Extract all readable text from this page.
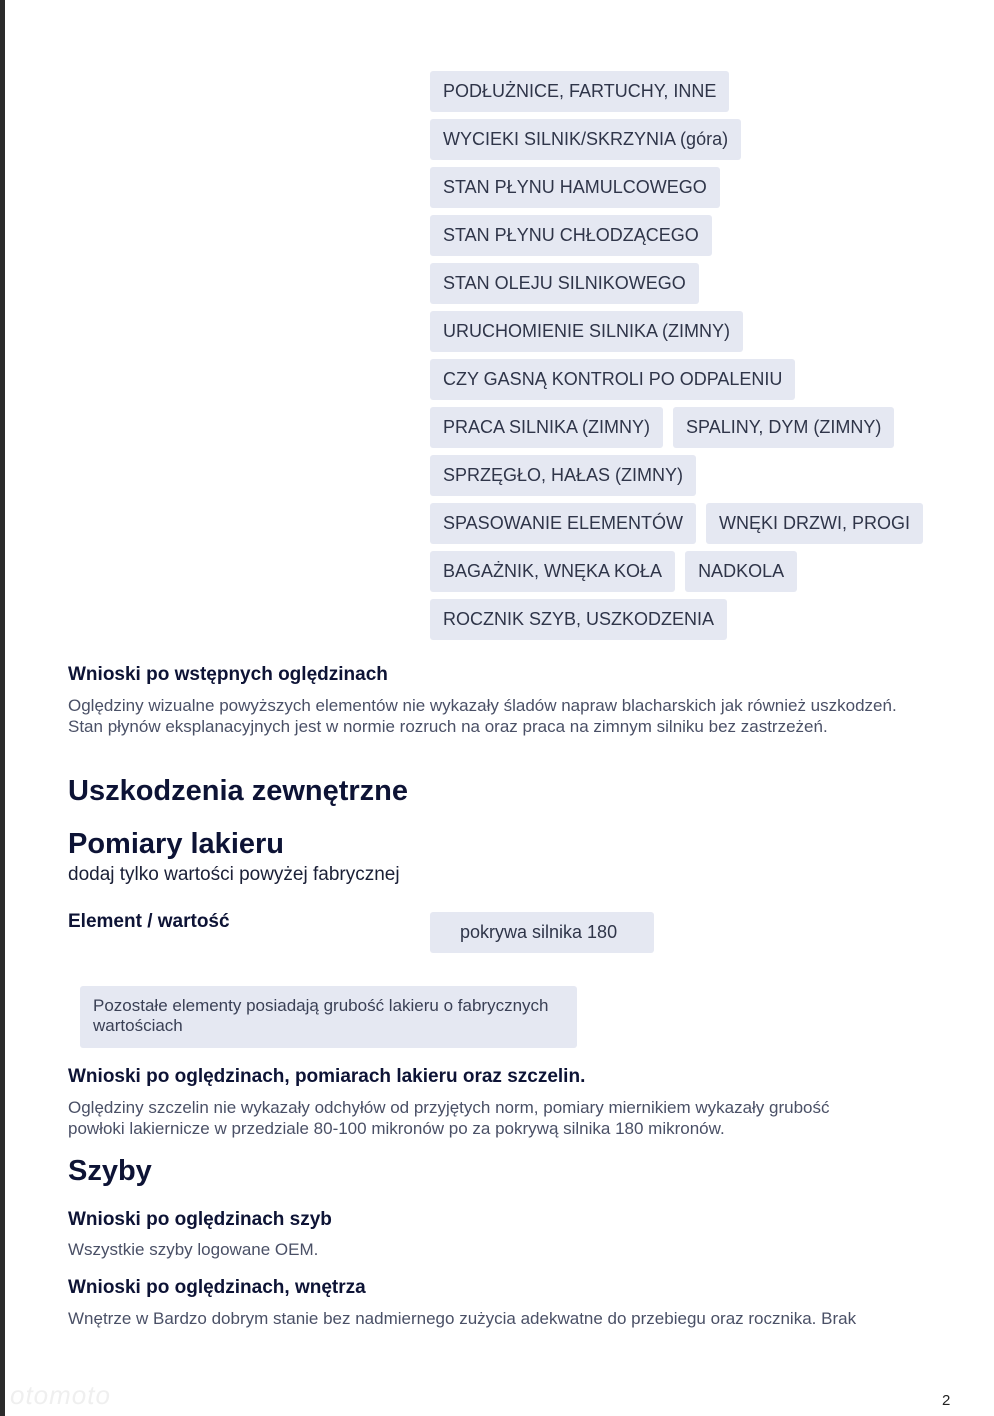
PODŁUŻNICE, FARTUCHY, INNE
WYCIEKI SILNIK/SKRZYNIA (góra)
STAN PŁYNU HAMULCOWEGO
STAN PŁYNU CHŁODZĄCEGO
STAN OLEJU SILNIKOWEGO
URUCHOMIENIE SILNIKA (ZIMNY)
CZY GASNĄ KONTROLI PO ODPALENIU
PRACA SILNIKA (ZIMNY)	SPALINY, DYM (ZIMNY)
SPRZĘGŁO, HAŁAS (ZIMNY)
SPASOWANIE ELEMENTÓW	WNĘKI DRZWI, PROGI
BAGAŻNIK, WNĘKA KOŁA	NADKOLA
ROCZNIK SZYB, USZKODZENIA
Wnioski po wstępnych oględzinach
Oględziny wizualne powyższych elementów nie wykazały śladów napraw blacharskich jak również uszkodzeń. Stan płynów eksplanacyjnych jest w normie rozruch na oraz praca na zimnym silniku bez zastrzeżeń.
Uszkodzenia zewnętrzne
Pomiary lakieru
dodaj tylko wartości powyżej fabrycznej
Element / wartość	pokrywa silnika 180
Pozostałe elementy posiadają grubość lakieru o fabrycznych wartościach
Wnioski po oględzinach, pomiarach lakieru oraz szczelin.
Oględziny szczelin nie wykazały odchyłów od przyjętych norm, pomiary miernikiem wykazały grubość powłoki lakiernicze w przedziale 80-100 mikronów po za pokrywą silnika 180 mikronów.
Szyby
Wnioski po oględzinach szyb
Wszystkie szyby logowane OEM.
Wnioski po oględzinach, wnętrza
Wnętrze w Bardzo dobrym stanie bez nadmiernego zużycia adekwatne do przebiegu oraz rocznika. Brak
otomoto	2
